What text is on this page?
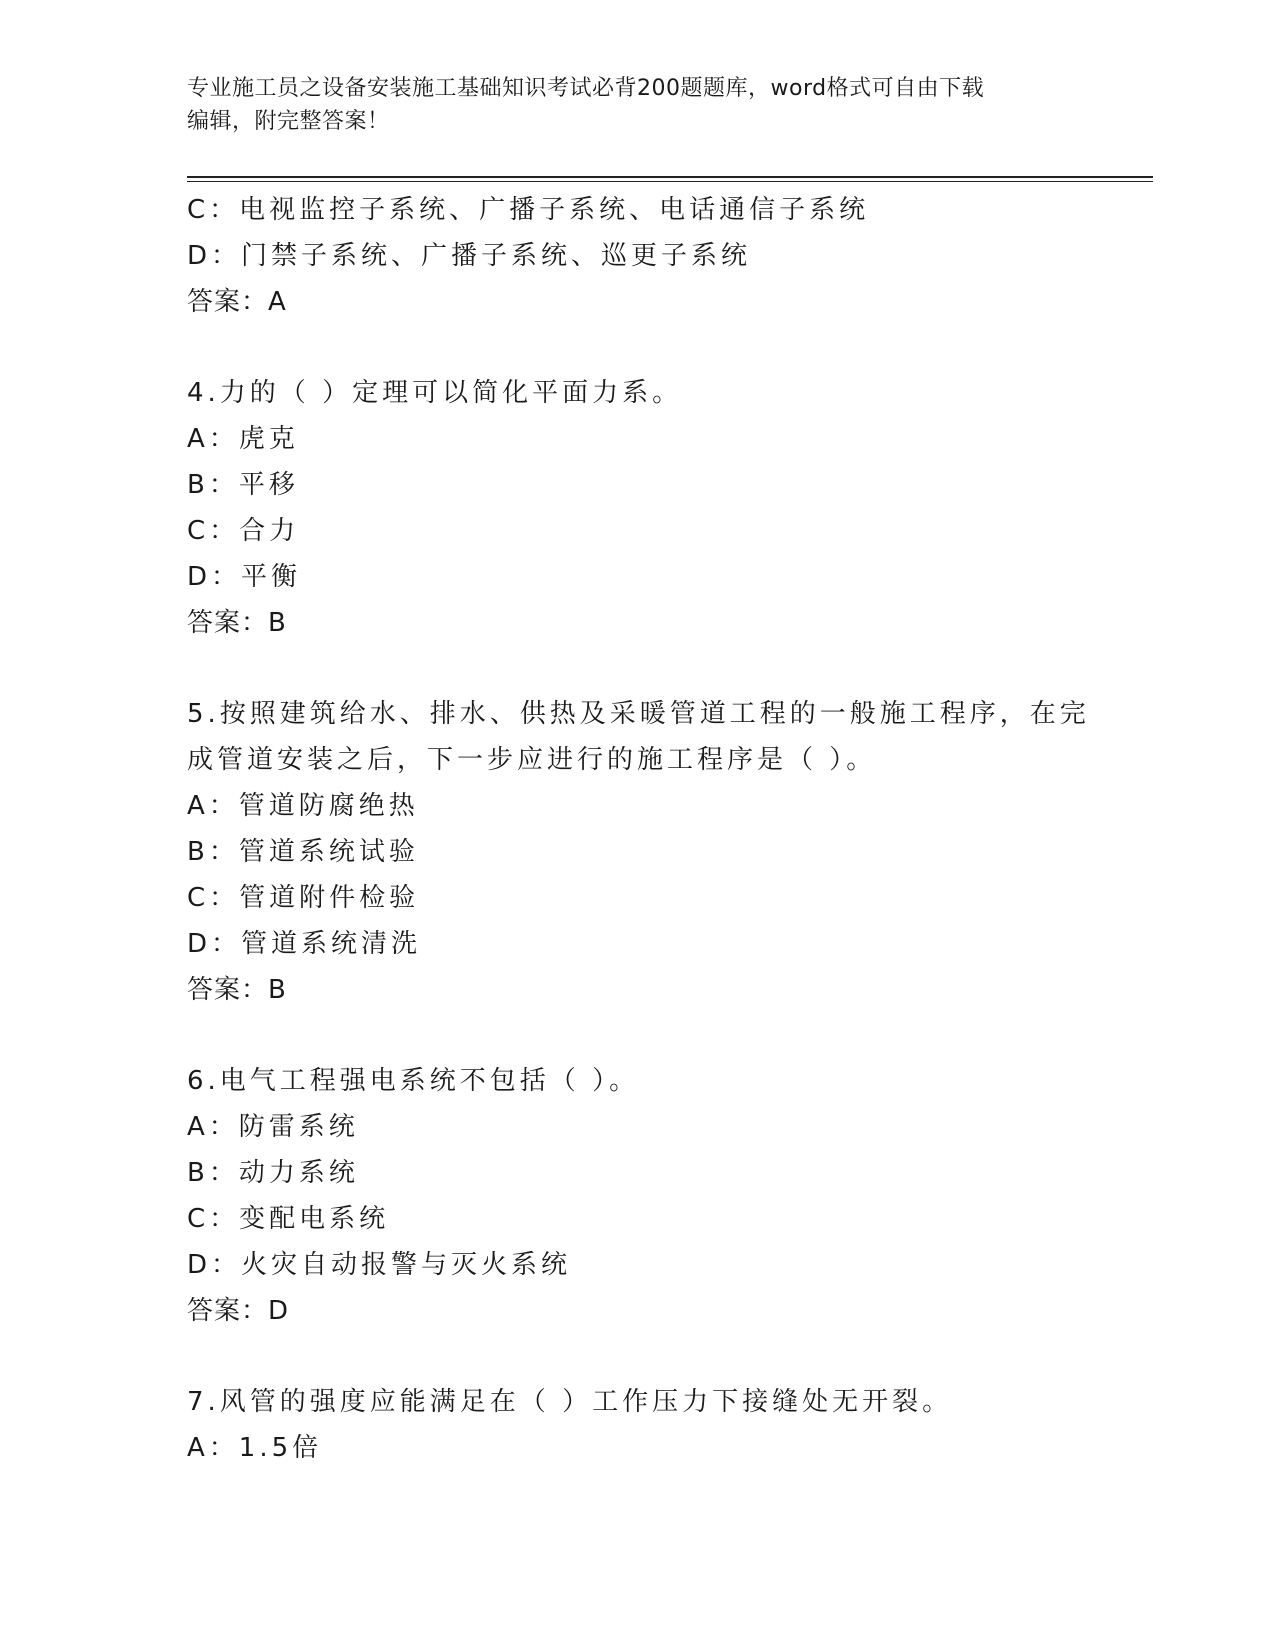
专业施工员之设备安装施工基础知识考试必背200题题库，word格式可自由下载
编辑，附完整答案！
C：电视监控子系统、广播子系统、电话通信子系统
D：门禁子系统、广播子系统、巡更子系统
答案：A
4.力的（ ）定理可以简化平面力系。
A：虎克
B：平移
C：合力
D：平衡
答案：B
5.按照建筑给水、排水、供热及采暖管道工程的一般施工程序，在完
成管道安装之后，下一步应进行的施工程序是（ ）。
A：管道防腐绝热
B：管道系统试验
C：管道附件检验
D：管道系统清洗
答案：B
6.电气工程强电系统不包括（ ）。
A：防雷系统
B：动力系统
C：变配电系统
D：火灾自动报警与灭火系统
答案：D
7.风管的强度应能满足在（ ）工作压力下接缝处无开裂。
A：1.5倍
